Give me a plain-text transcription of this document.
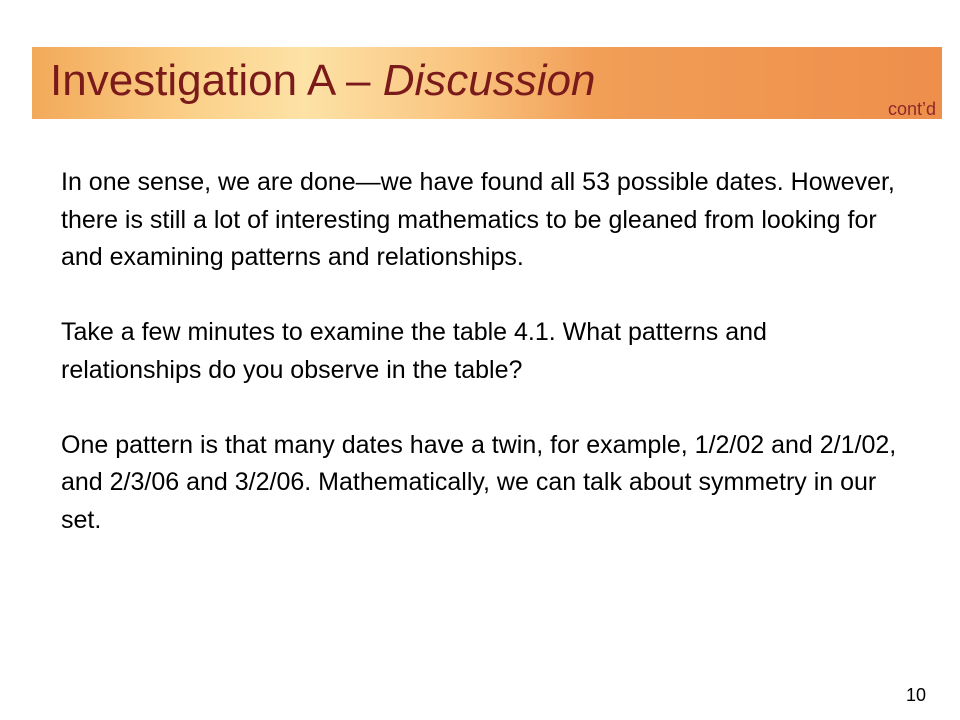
Investigation A – Discussion
cont’d

In one sense, we are done—we have found all 53 possible dates. However, there is still a lot of interesting mathematics to be gleaned from looking for and examining patterns and relationships.

Take a few minutes to examine the table 4.1. What patterns and relationships do you observe in the table?

One pattern is that many dates have a twin, for example, 1/2/02 and 2/1/02, and 2/3/06 and 3/2/06. Mathematically, we can talk about symmetry in our set.

10
